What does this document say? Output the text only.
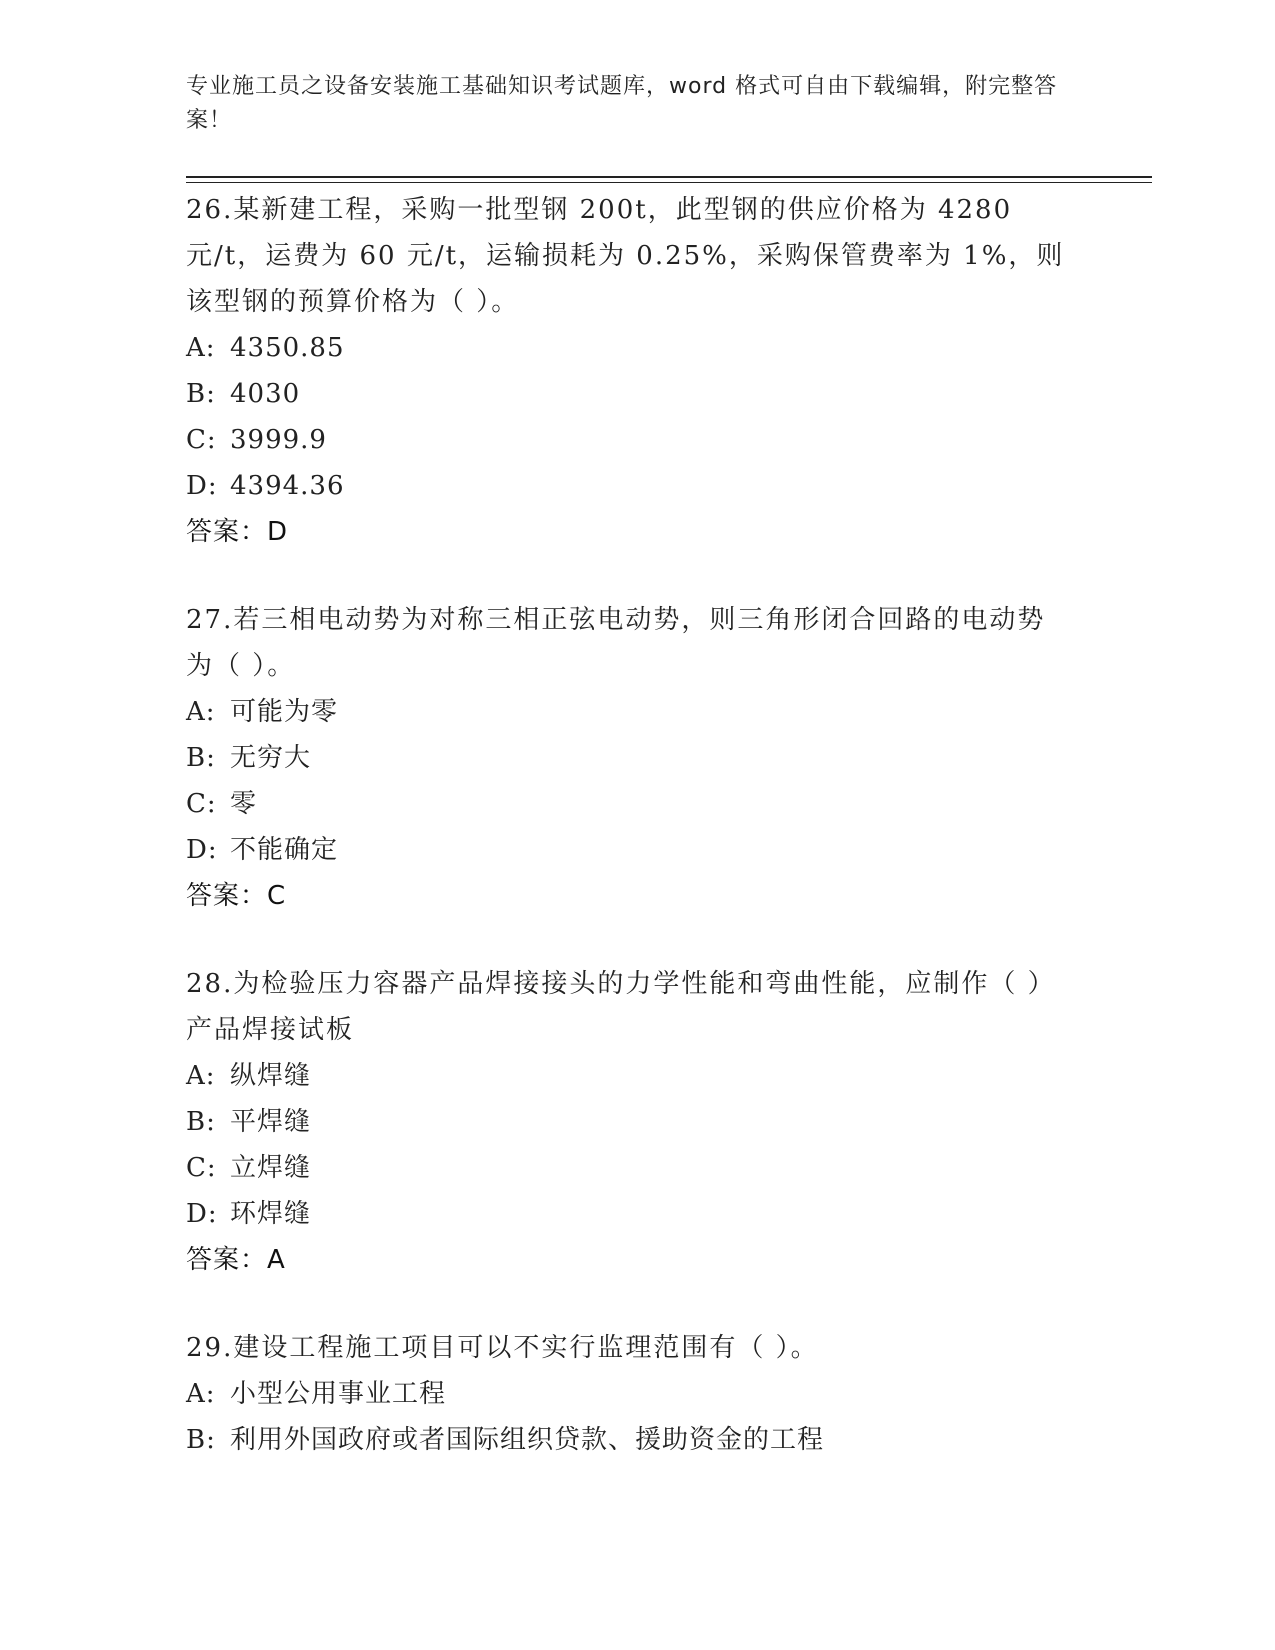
专业施工员之设备安装施工基础知识考试题库，word 格式可自由下载编辑，附完整答案！

26.某新建工程，采购一批型钢 200t，此型钢的供应价格为 4280 元/t，运费为 60 元/t，运输损耗为 0.25%，采购保管费率为 1%，则该型钢的预算价格为（ ）。

A: 4350.85
B: 4030
C: 3999.9
D: 4394.36

答案：D

27.若三相电动势为对称三相正弦电动势，则三角形闭合回路的电动势为（ ）。

A: 可能为零
B: 无穷大
C: 零
D: 不能确定

答案：C

28.为检验压力容器产品焊接接头的力学性能和弯曲性能，应制作（ ）产品焊接试板

A: 纵焊缝
B: 平焊缝
C: 立焊缝
D: 环焊缝

答案：A

29.建设工程施工项目可以不实行监理范围有（ ）。

A: 小型公用事业工程
B: 利用外国政府或者国际组织贷款、援助资金的工程
